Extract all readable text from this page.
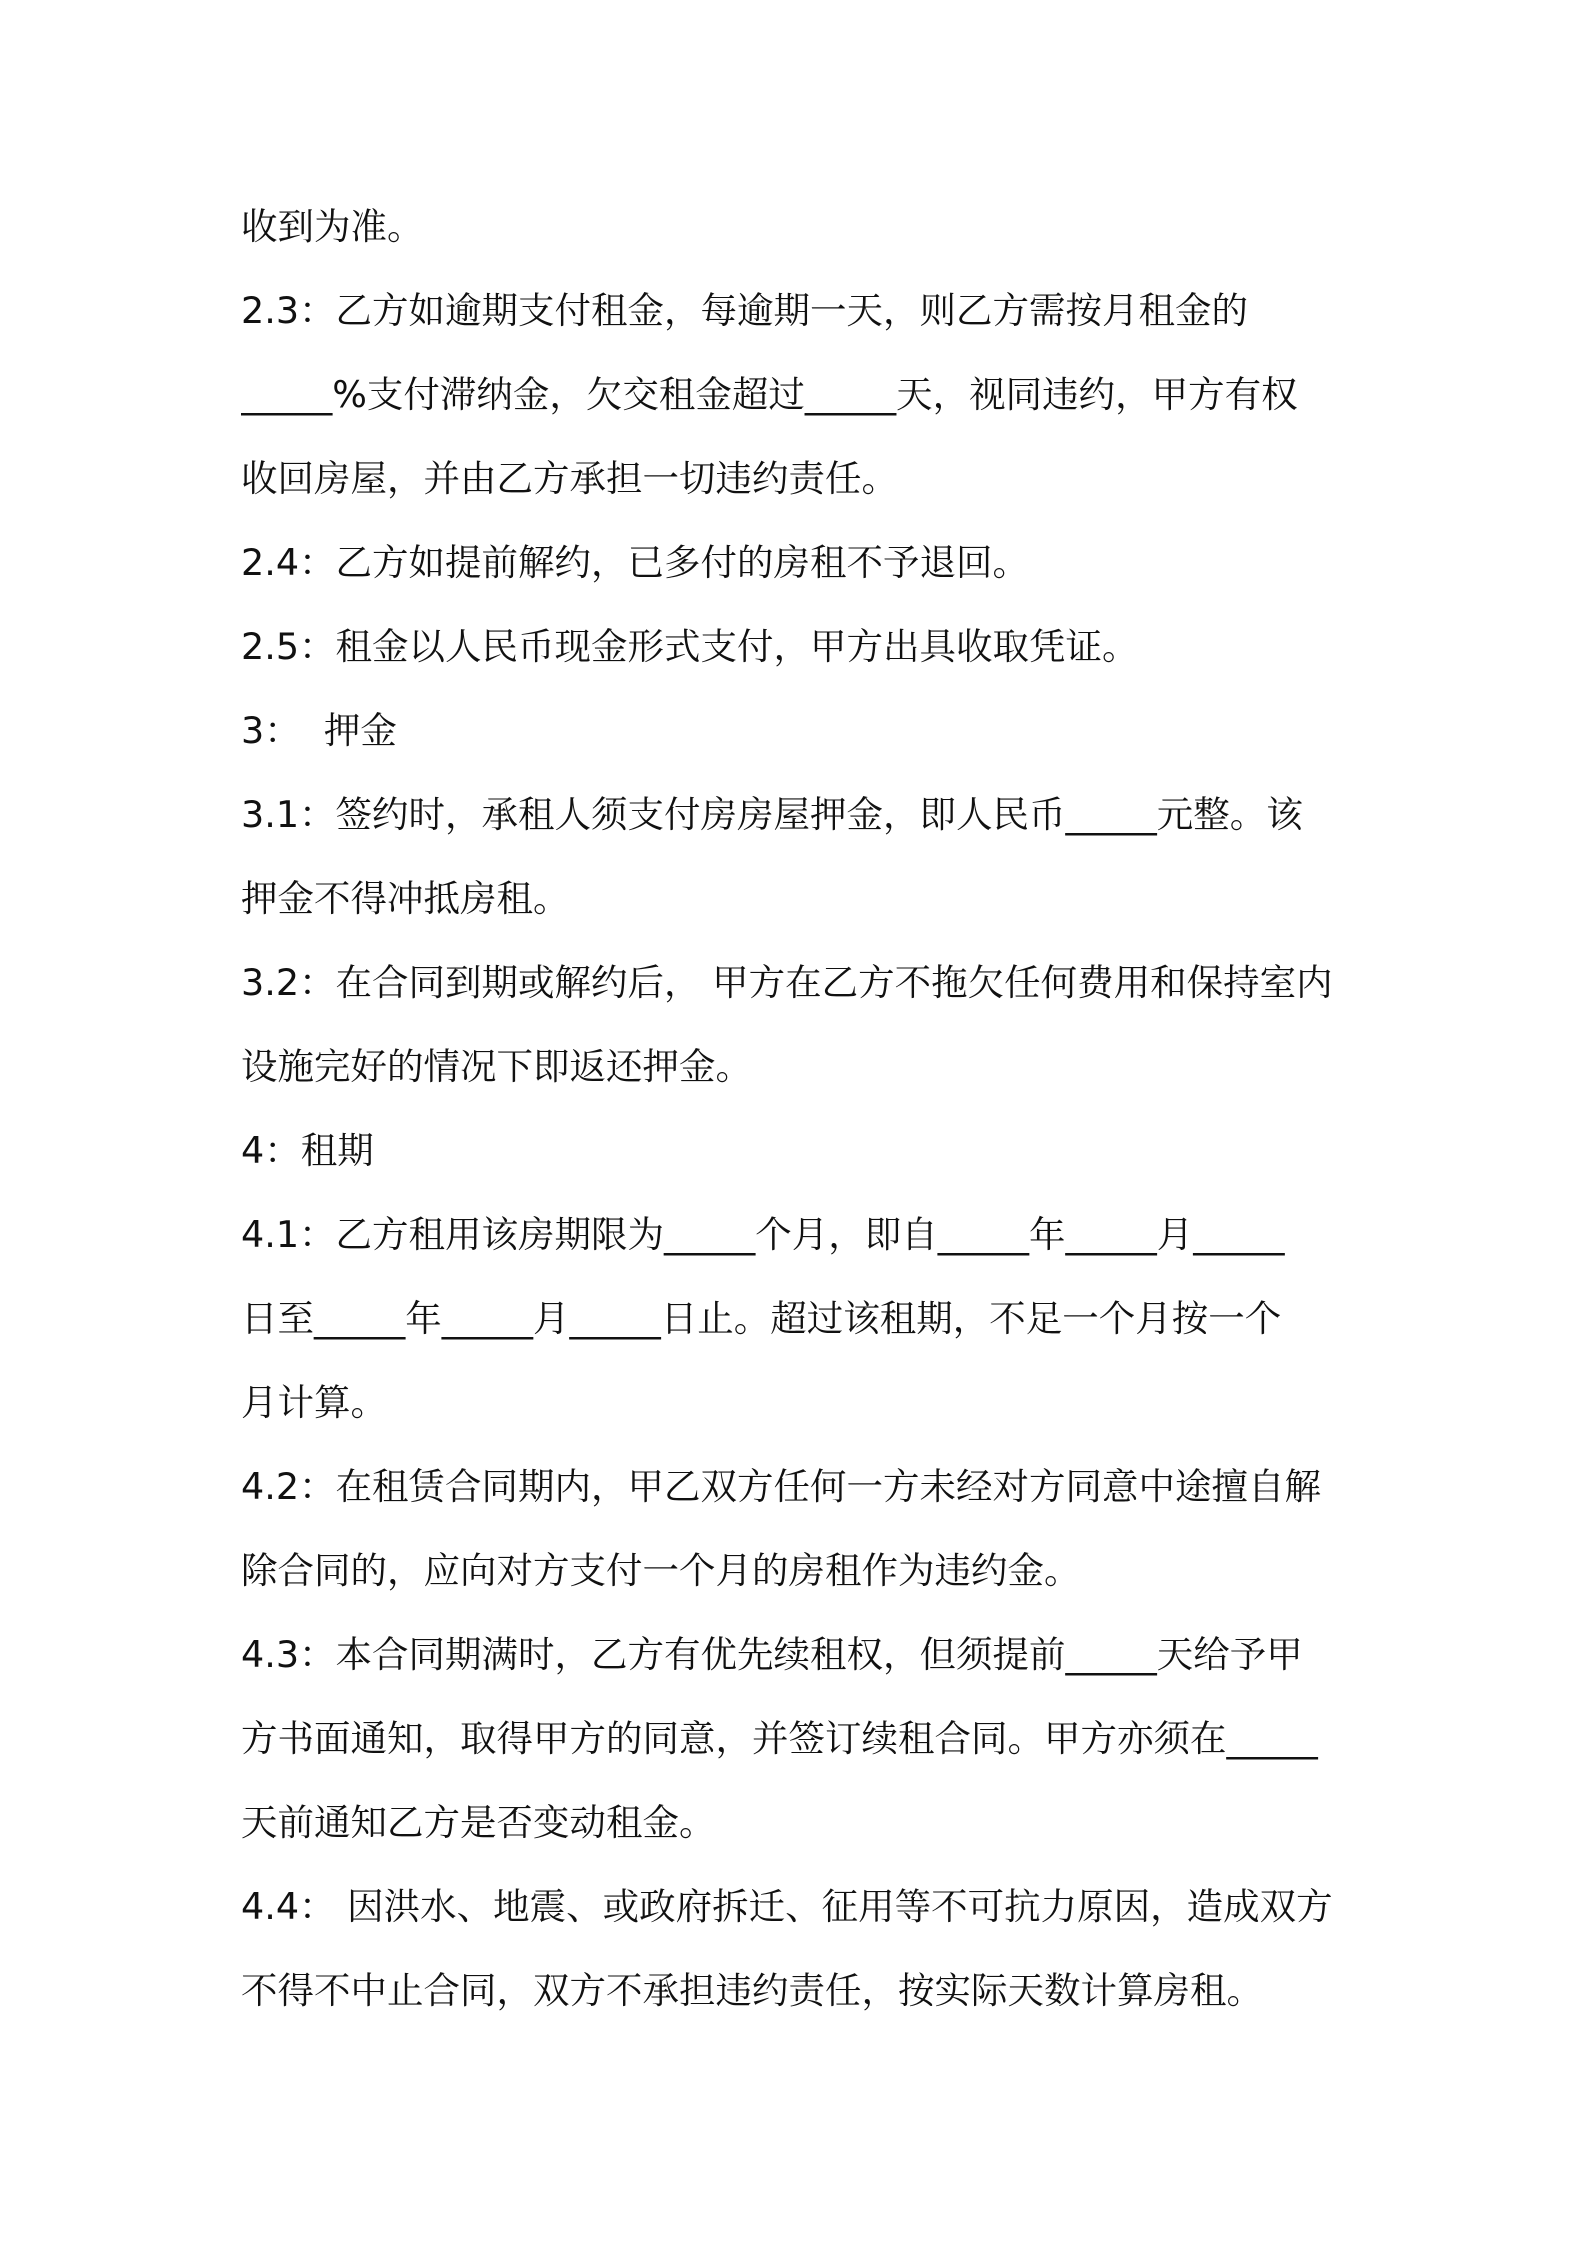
收到为准。

2.3：乙方如逾期支付租金，每逾期一天，则乙方需按月租金的

_____%支付滞纳金，欠交租金超过_____天，视同违约，甲方有权

收回房屋，并由乙方承担一切违约责任。

2.4：乙方如提前解约，已多付的房租不予退回。

2.5：租金以人民币现金形式支付，甲方出具收取凭证。

3：  押金

3.1：签约时，承租人须支付房房屋押金，即人民币_____元整。该

押金不得冲抵房租。

3.2：在合同到期或解约后， 甲方在乙方不拖欠任何费用和保持室内

设施完好的情况下即返还押金。

4：租期

4.1：乙方租用该房期限为_____个月，即自_____年_____月_____

日至_____年_____月_____日止。超过该租期，不足一个月按一个

月计算。

4.2：在租赁合同期内，甲乙双方任何一方未经对方同意中途擅自解

除合同的，应向对方支付一个月的房租作为违约金。

4.3：本合同期满时，乙方有优先续租权，但须提前_____天给予甲

方书面通知，取得甲方的同意，并签订续租合同。甲方亦须在_____

天前通知乙方是否变动租金。

4.4： 因洪水、地震、或政府拆迁、征用等不可抗力原因，造成双方

不得不中止合同，双方不承担违约责任，按实际天数计算房租。
